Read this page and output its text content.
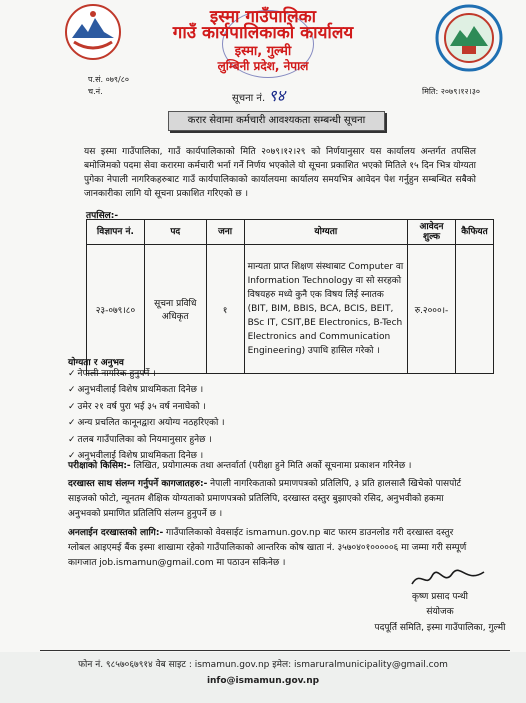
इस्मा गाउँपालिका
गाउँ कार्यपालिकाको कार्यालय
इस्मा, गुल्मी
लुम्बिनी प्रदेश, नेपाल
प.सं. ०७९/८०
च.नं.
सूचना नं. ९४	मिति: २०७९।१२।३०
करार सेवामा कर्मचारी आवश्यकता सम्बन्धी सूचना
यस इस्मा गाउँपालिका, गाउँ कार्यपालिकाको मिति २०७९।१२।२९ को निर्णयानुसार यस कार्यालय अन्तर्गत तपसिल बमोजिमको पदमा सेवा करारमा कर्मचारी भर्ना गर्ने निर्णय भएकोले यो सूचना प्रकाशित भएको मितिले १५ दिन भित्र योग्यता पुगेका नेपाली नागरिकहरुबाट गाउँ कार्यपालिकाको कार्यालयमा कार्यालय समयभित्र आवेदन पेश गर्नुहुन सम्बन्धित सबैको जानकारीका लागि यो सूचना प्रकाशित गरिएको छ ।
तपसिल:-
विज्ञापन नं.	पद	जना	योग्यता	आवेदन शुल्क	कैफियत
२३-०७९।८०	सूचना प्रविधि अधिकृत	१	मान्यता प्राप्त शिक्षण संस्थाबाट Computer वा Information Technology वा सो सरहको विषयहरु मध्ये कुनै एक विषय लिई स्नातक (BIT, BIM, BBIS, BCA, BCIS, BEIT, BSc IT, CSIT,BE Electronics, B-Tech Electronics and Communication Engineering) उपाधि हासिल गरेको ।	रु.२०००।-	
योग्यता र अनुभव
✓ नेपाली नागरिक हुनुपर्ने ।
✓ अनुभवीलाई विशेष प्राथमिकता दिनेछ ।
✓ उमेर २१ वर्ष पुरा भई ३५ वर्ष ननाघेको ।
✓ अन्य प्रचलित कानूनद्वारा अयोग्य नठहरिएको ।
✓ तलब गाउँपालिका को नियमानुसार हुनेछ ।
✓ अनुभवीलाई विशेष प्राथमिकता दिनेछ ।
परीक्षाको किसिम:- लिखित, प्रयोगात्मक तथा अन्तर्वार्ता (परीक्षा हुने मिति अर्को सूचनामा प्रकाशन गरिनेछ ।
दरखास्त साथ संलग्न गर्नुपर्ने कागजातहरु:- नेपाली नागरिकताको प्रमाणपत्रको प्रतिलिपि, ३ प्रति हालसालै खिचेको पासपोर्ट साइजको फोटो, न्यूनतम शैक्षिक योग्यताको प्रमाणपत्रको प्रतिलिपि, दरखास्त दस्तुर बुझाएको रसिद, अनुभवीको हकमा अनुभवको प्रमाणित प्रतिलिपि संलग्न हुनुपर्ने छ ।
अनलाईन दरखास्तको लागि:- गाउँपालिकाको वेवसाईट ismamun.gov.np बाट फारम डाउनलोड गरी दरखास्त दस्तुर ग्लोबल आइएमई बैंक इस्मा शाखामा रहेको गाउँपालिकाको आन्तरिक कोष खाता नं. ३५७०४०१०००००६ मा जम्मा गरी सम्पूर्ण कागजात job.ismamun@gmail.com मा पठाउन सकिनेछ ।
कृष्ण प्रसाद पन्थी
संयोजक
पदपूर्ति समिति, इस्मा गाउँपालिका, गुल्मी
फोन नं. ९८५७०६७९१४ वेब साइट : ismamun.gov.np इमेल: ismaruralmunicipality@gmail.com
info@ismamun.gov.np
